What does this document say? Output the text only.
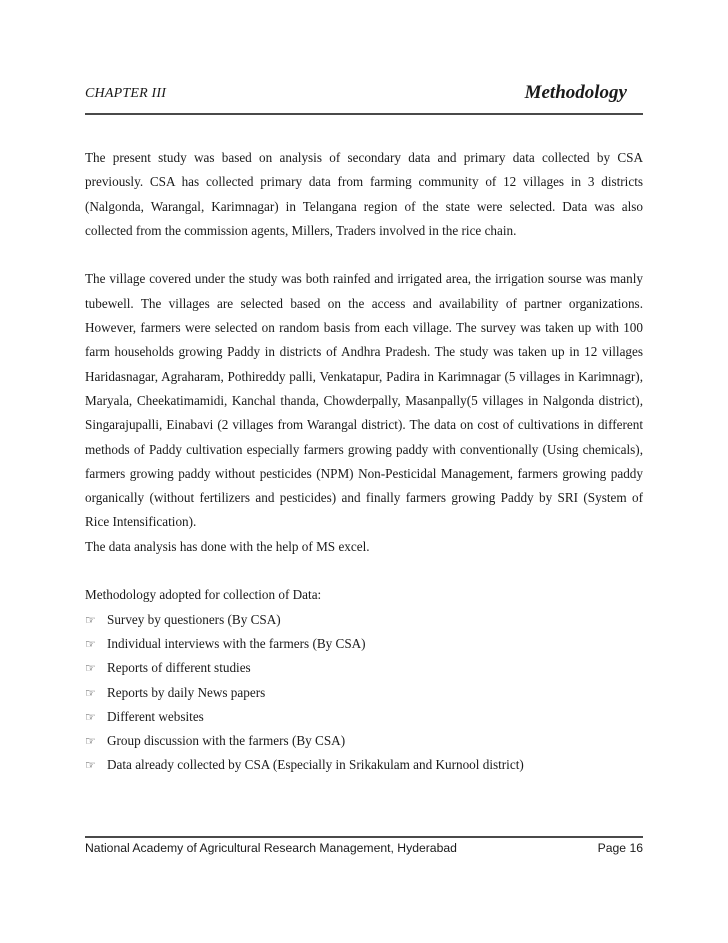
CHAPTER III	Methodology

The present study was based on analysis of secondary data and primary data collected by CSA previously. CSA has collected primary data from farming community of 12 villages in 3 districts (Nalgonda, Warangal, Karimnagar) in Telangana region of the state were selected. Data was also collected from the commission agents, Millers, Traders involved in the rice chain.

The village covered under the study was both rainfed and irrigated area, the irrigation sourse was manly tubewell. The villages are selected based on the access and availability of partner organizations. However, farmers were selected on random basis from each village. The survey was taken up with 100 farm households growing Paddy in districts of Andhra Pradesh. The study was taken up in 12 villages Haridasnagar, Agraharam, Pothireddy palli, Venkatapur, Padira in Karimnagar (5 villages in Karimnagr), Maryala, Cheekatimamidi, Kanchal thanda, Chowderpally, Masanpally(5 villages in Nalgonda district), Singarajupalli, Einabavi (2 villages from Warangal district). The data on cost of cultivations in different methods of Paddy cultivation especially farmers growing paddy with conventionally (Using chemicals), farmers growing paddy without pesticides (NPM) Non-Pesticidal Management, farmers growing paddy organically (without fertilizers and pesticides) and finally farmers growing Paddy by SRI (System of Rice Intensification).

The data analysis has done with the help of MS excel.

Methodology adopted for collection of Data:

☞ Survey by questioners (By CSA)
☞ Individual interviews with the farmers (By CSA)
☞ Reports of different studies
☞ Reports by daily News papers
☞ Different websites
☞ Group discussion with the farmers (By CSA)
☞ Data already collected by CSA (Especially in Srikakulam and Kurnool district)
National Academy of Agricultural Research Management, Hyderabad	Page 16
